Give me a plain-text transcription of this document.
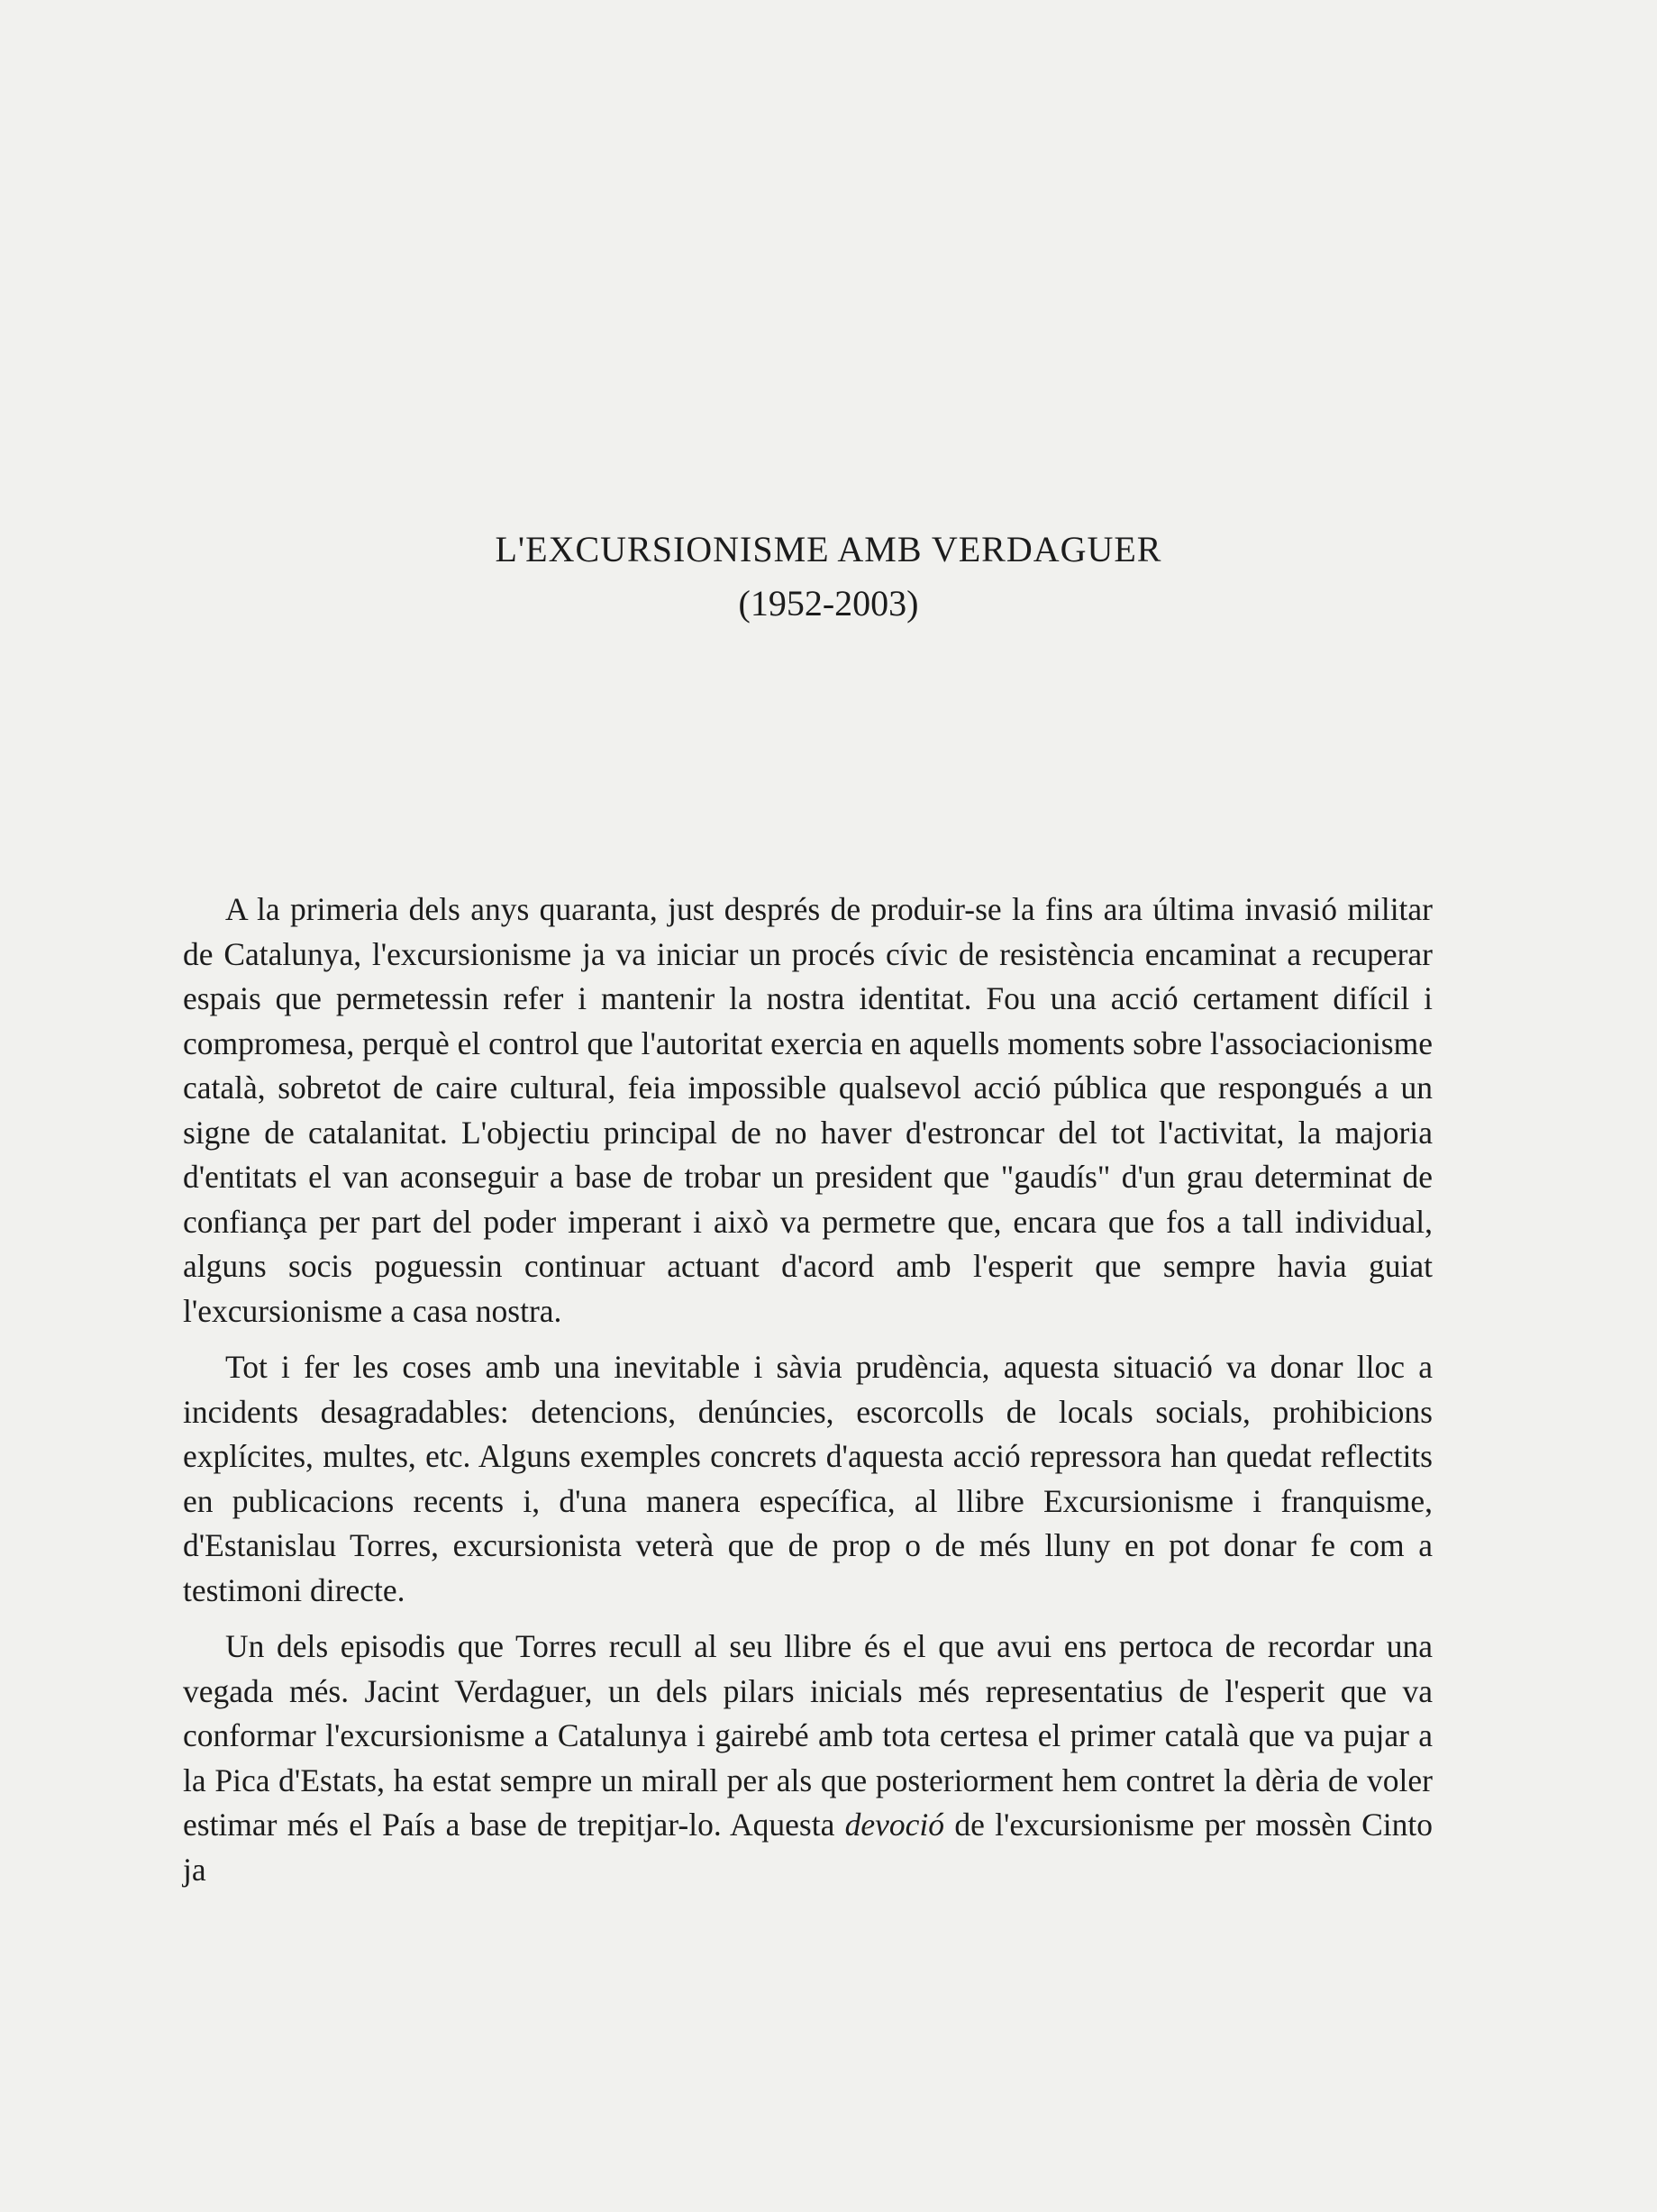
L'EXCURSIONISME AMB VERDAGUER
(1952-2003)

A la primeria dels anys quaranta, just després de produir-se la fins ara última invasió militar de Catalunya, l'excursionisme ja va iniciar un procés cívic de resistència encaminat a recuperar espais que permetessin refer i mantenir la nostra identitat. Fou una acció certament difícil i compromesa, perquè el control que l'autoritat exercia en aquells moments sobre l'associacionisme català, sobretot de caire cultural, feia impossible qualsevol acció pública que respongués a un signe de catalanitat. L'objectiu principal de no haver d'estroncar del tot l'activitat, la majoria d'entitats el van aconseguir a base de trobar un president que "gaudís" d'un grau determinat de confiança per part del poder imperant i això va permetre que, encara que fos a tall individual, alguns socis poguessin continuar actuant d'acord amb l'esperit que sempre havia guiat l'excursionisme a casa nostra.

Tot i fer les coses amb una inevitable i sàvia prudència, aquesta situació va donar lloc a incidents desagradables: detencions, denúncies, escorcolls de locals socials, prohibicions explícites, multes, etc. Alguns exemples concrets d'aquesta acció repressora han quedat reflectits en publicacions recents i, d'una manera específica, al llibre Excursionisme i franquisme, d'Estanislau Torres, excursionista veterà que de prop o de més lluny en pot donar fe com a testimoni directe.

Un dels episodis que Torres recull al seu llibre és el que avui ens pertoca de recordar una vegada més. Jacint Verdaguer, un dels pilars inicials més representatius de l'esperit que va conformar l'excursionisme a Catalunya i gairebé amb tota certesa el primer català que va pujar a la Pica d'Estats, ha estat sempre un mirall per als que posteriorment hem contret la dèria de voler estimar més el País a base de trepitjar-lo. Aquesta devoció de l'excursionisme per mossèn Cinto ja
